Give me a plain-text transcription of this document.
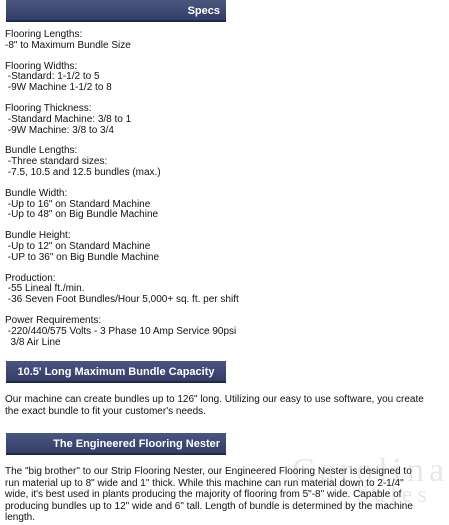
Specs
Flooring Lengths:
-8" to Maximum Bundle Size
Flooring Widths:
-Standard: 1-1/2 to 5
-9W Machine 1-1/2 to 8
Flooring Thickness:
-Standard Machine: 3/8 to 1
-9W Machine: 3/8 to 3/4
Bundle Lengths:
-Three standard sizes:
-7.5, 10.5 and 12.5 bundles (max.)
Bundle Width:
-Up to 16" on Standard Machine
-Up to 48" on Big Bundle Machine
Bundle Height:
-Up to 12" on Standard Machine
-UP to 36" on Big Bundle Machine
Production:
-55 Lineal ft./min.
-36 Seven Foot Bundles/Hour 5,000+ sq. ft. per shift
Power Requirements:
-220/440/575 Volts - 3 Phase 10 Amp Service 90psi
3/8 Air Line
10.5' Long Maximum Bundle Capacity
Our machine can create bundles up to 126" long. Utilizing our easy to use software, you create the exact bundle to fit your customer's needs.
The Engineered Flooring Nester
The "big brother" to our Strip Flooring Nester, our Engineered Flooring Nester is designed to run material up to 8" wide and 1" thick. While this machine can run material down to 2-1/4" wide, it's best used in plants producing the majority of flooring from 5"-8" wide. Capable of producing bundles up to 12" wide and 6" tall. Length of bundle is determined by the machine length.
Carolina
Sales
